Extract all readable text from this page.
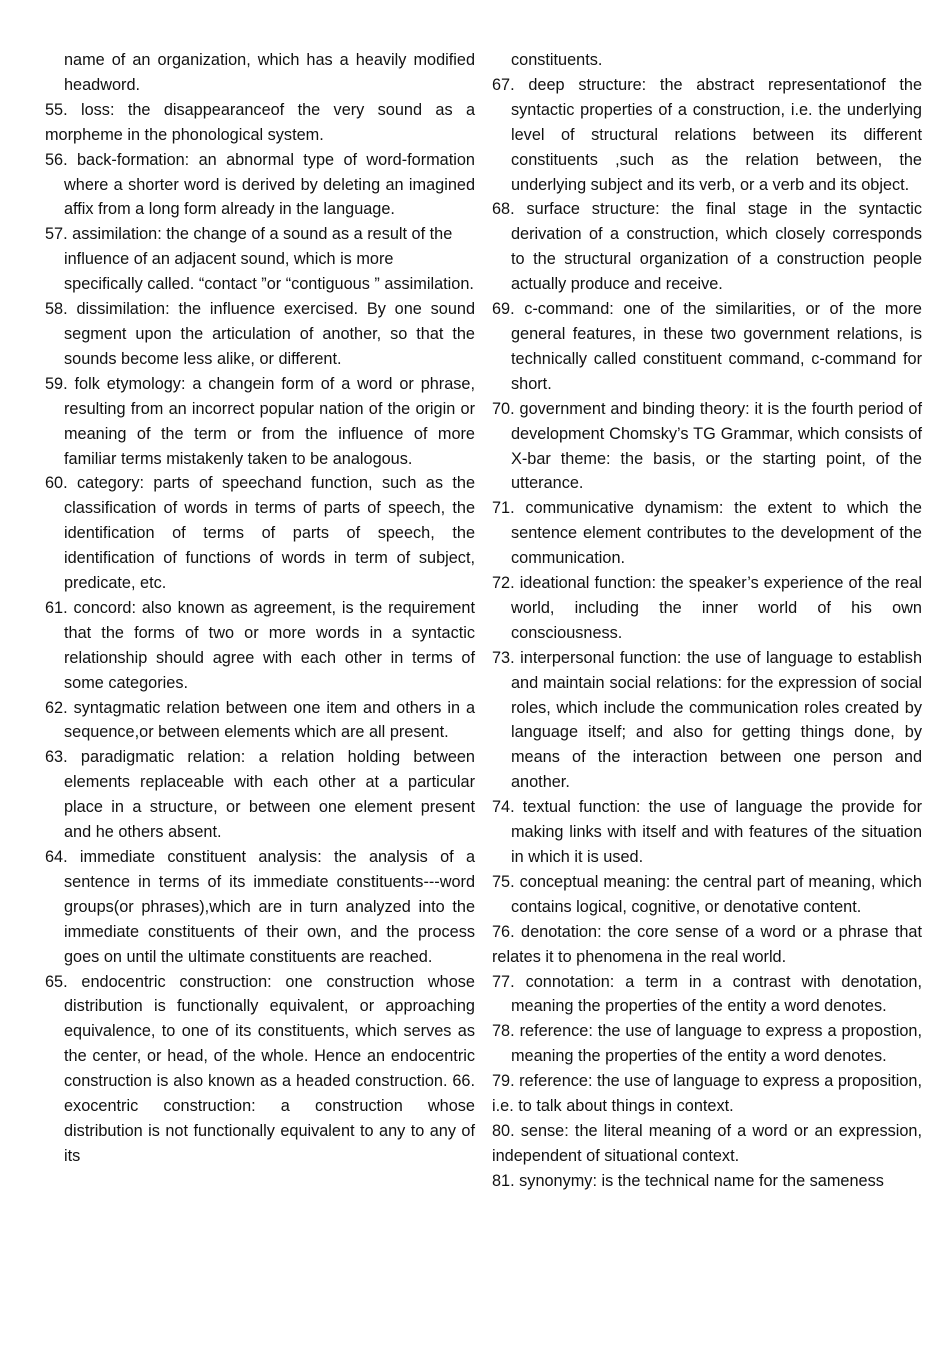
name of an organization, which has a heavily modified headword.

55. loss: the disappearanceof the very sound as a morpheme in the phonological system.

56. back-formation: an abnormal type of word-formation where a shorter word is derived by deleting an imagined affix from a long form already in the language.

57. assimilation: the change of a sound as a result of the influence of an adjacent sound, which is more specifically called. “contact ”or “contiguous ” assimilation.

58. dissimilation: the influence exercised. By one sound segment upon the articulation of another, so that the sounds become less alike, or different.

59. folk etymology: a changein form of a word or phrase, resulting from an incorrect popular nation of the origin or meaning of the term or from the influence of more familiar terms mistakenly taken to be analogous.

60. category: parts of speechand function, such as the classification of words in terms of parts of speech, the identification of terms of parts of speech, the identification of functions of words in term of subject, predicate, etc.

61. concord: also known as agreement, is the requirement that the forms of two or more words in a syntactic relationship should agree with each other in terms of some categories.

62. syntagmatic relation between one item and others in a sequence,or between elements which are all present.

63. paradigmatic relation: a relation holding between elements replaceable with each other at a particular place in a structure, or between one element present and he others absent.

64. immediate constituent analysis: the analysis of a sentence in terms of its immediate constituents---word groups(or phrases),which are in turn analyzed into the immediate constituents of their own, and the process goes on until the ultimate constituents are reached.

65. endocentric construction: one construction whose distribution is functionally equivalent, or approaching equivalence, to one of its constituents, which serves as the center, or head, of the whole. Hence an endocentric construction is also known as a headed construction. 66. exocentric construction: a construction whose distribution is not functionally equivalent to any to any of its

constituents.

67. deep structure: the abstract representationof the syntactic properties of a construction, i.e. the underlying level of structural relations between its different constituents ,such as the relation between, the underlying subject and its verb, or a verb and its object.

68. surface structure: the final stage in the syntactic derivation of a construction, which closely corresponds to the structural organization of a construction people actually produce and receive.

69. c-command: one of the similarities, or of the more general features, in these two government relations, is technically called constituent command, c-command for short.

70. government and binding theory: it is the fourth period of development Chomsky’s TG Grammar, which consists of X-bar theme: the basis, or the starting point, of the utterance.

71. communicative dynamism: the extent to which the sentence element contributes to the development of the communication.

72. ideational function: the speaker’s experience of the real world, including the inner world of his own consciousness.

73. interpersonal function: the use of language to establish and maintain social relations: for the expression of social roles, which include the communication roles created by language itself; and also for getting things done, by means of the interaction between one person and another.

74. textual function: the use of language the provide for making links with itself and with features of the situation in which it is used.

75. conceptual meaning: the central part of meaning, which contains logical, cognitive, or denotative content.

76. denotation: the core sense of a word or a phrase that relates it to phenomena in the real world.

77. connotation: a term in a contrast with denotation, meaning the properties of the entity a word denotes.

78. reference: the use of language to express a propostion, meaning the properties of the entity a word denotes.

79. reference: the use of language to express a proposition, i.e. to talk about things in context.

80. sense: the literal meaning of a word or an expression, independent of situational context.

81. synonymy: is the technical name for the sameness
